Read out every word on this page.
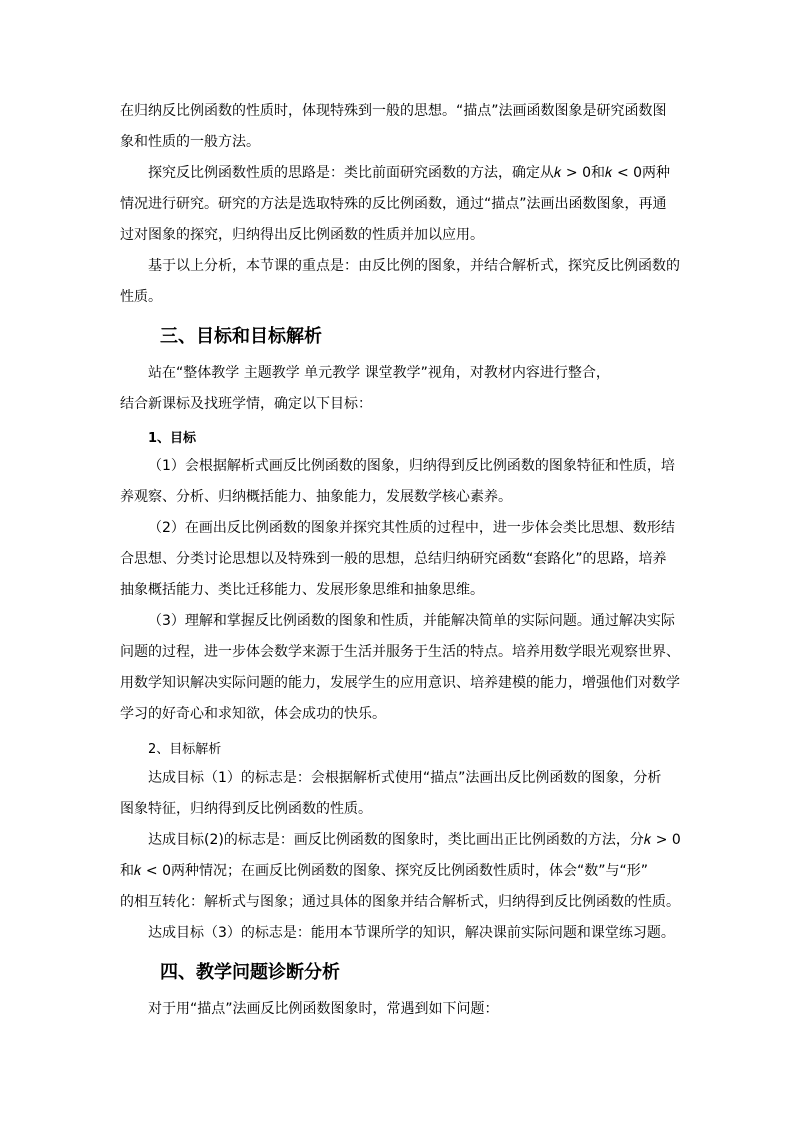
在归纳反比例函数的性质时，体现特殊到一般的思想。“描点”法画函数图象是研究函数图
象和性质的一般方法。
探究反比例函数性质的思路是：类比前面研究函数的方法，确定从𝑘 > 0和𝑘 < 0两种
情况进行研究。研究的方法是选取特殊的反比例函数，通过“描点”法画出函数图象，再通
过对图象的探究，归纳得出反比例函数的性质并加以应用。
基于以上分析，本节课的重点是：由反比例的图象，并结合解析式，探究反比例函数的
性质。
三、目标和目标解析
站在“整体教学 主题教学 单元教学 课堂教学”视角，对教材内容进行整合，
结合新课标及找班学情，确定以下目标：
1、目标
（1）会根据解析式画反比例函数的图象，归纳得到反比例函数的图象特征和性质，培
养观察、分析、归纳概括能力、抽象能力，发展数学核心素养。
（2）在画出反比例函数的图象并探究其性质的过程中，进一步体会类比思想、数形结
合思想、分类讨论思想以及特殊到一般的思想，总结归纳研究函数“套路化”的思路，培养
抽象概括能力、类比迁移能力、发展形象思维和抽象思维。
（3）理解和掌握反比例函数的图象和性质，并能解决简单的实际问题。通过解决实际
问题的过程，进一步体会数学来源于生活并服务于生活的特点。培养用数学眼光观察世界、
用数学知识解决实际问题的能力，发展学生的应用意识、培养建模的能力，增强他们对数学
学习的好奇心和求知欲，体会成功的快乐。
2、目标解析
达成目标（1）的标志是：会根据解析式使用“描点”法画出反比例函数的图象，分析
图象特征，归纳得到反比例函数的性质。
达成目标(2)的标志是：画反比例函数的图象时，类比画出正比例函数的方法，分𝑘 > 0
和𝑘 < 0两种情况；在画反比例函数的图象、探究反比例函数性质时，体会“数”与“形”
的相互转化：解析式与图象；通过具体的图象并结合解析式，归纳得到反比例函数的性质。
达成目标（3）的标志是：能用本节课所学的知识，解决课前实际问题和课堂练习题。
四、教学问题诊断分析
对于用“描点”法画反比例函数图象时，常遇到如下问题：
